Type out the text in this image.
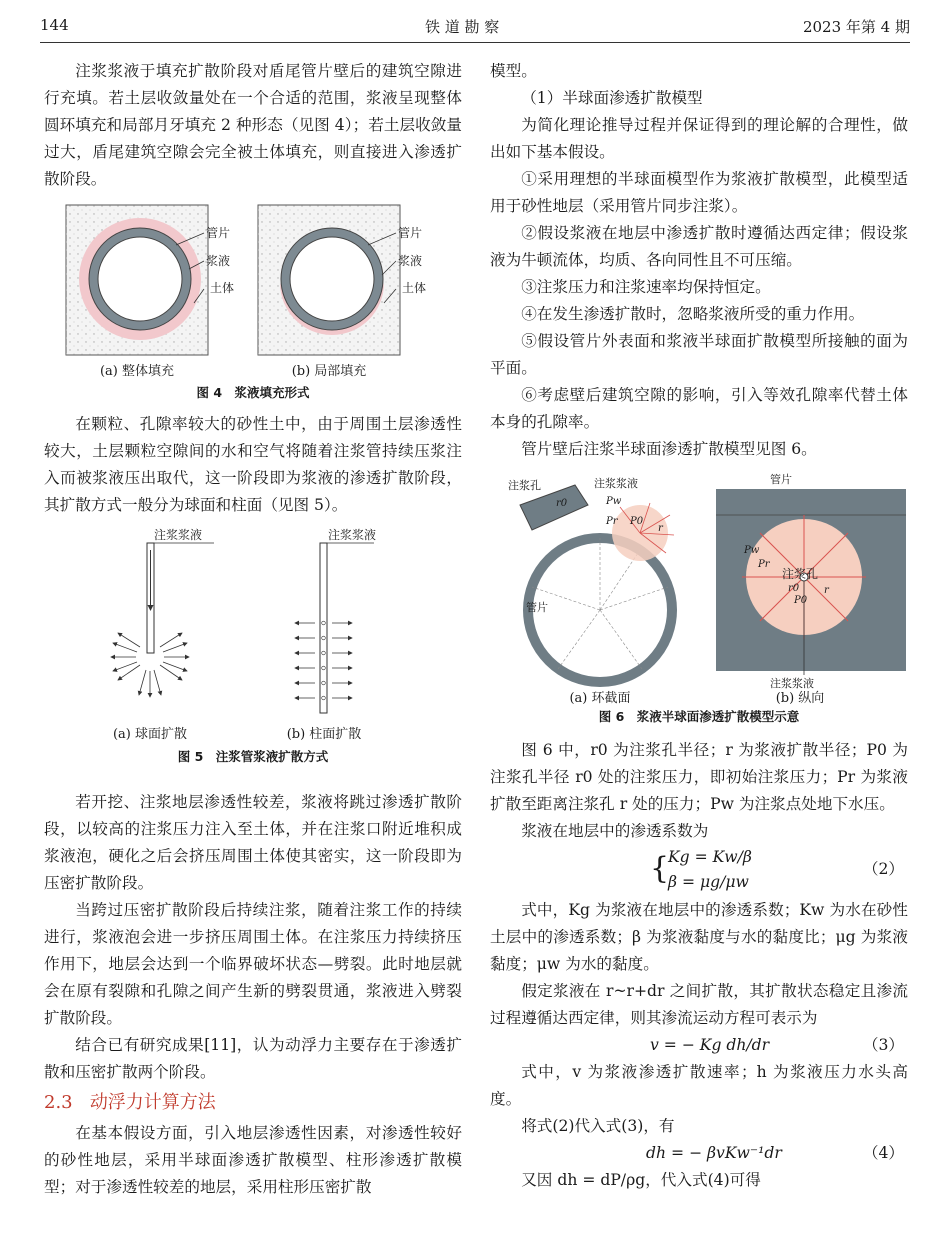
144	铁 道 勘 察	2023 年第 4 期

注浆浆液于填充扩散阶段对盾尾管片壁后的建筑空隙进行充填。若土层收敛量处在一个合适的范围，浆液呈现整体圆环填充和局部月牙填充 2 种形态（见图 4）；若土层收敛量过大，盾尾建筑空隙会完全被土体填充，则直接进入渗透扩散阶段。

管片
浆液
土体
管片
浆液
土体
(a) 整体填充	(b) 局部填充
图 4　浆液填充形式

在颗粒、孔隙率较大的砂性土中，由于周围土层渗透性较大，土层颗粒空隙间的水和空气将随着注浆管持续压浆注入而被浆液压出取代，这一阶段即为浆液的渗透扩散阶段，其扩散方式一般分为球面和柱面（见图 5）。

注浆浆液	注浆浆液
(a) 球面扩散	(b) 柱面扩散
图 5　注浆管浆液扩散方式

若开挖、注浆地层渗透性较差，浆液将跳过渗透扩散阶段，以较高的注浆压力注入至土体，并在注浆口附近堆积成浆液泡，硬化之后会挤压周围土体使其密实，这一阶段即为压密扩散阶段。

当跨过压密扩散阶段后持续注浆，随着注浆工作的持续进行，浆液泡会进一步挤压周围土体。在注浆压力持续挤压作用下，地层会达到一个临界破坏状态—劈裂。此时地层就会在原有裂隙和孔隙之间产生新的劈裂贯通，浆液进入劈裂扩散阶段。

结合已有研究成果[11]，认为动浮力主要存在于渗透扩散和压密扩散两个阶段。

2.3 动浮力计算方法

在基本假设方面，引入地层渗透性因素，对渗透性较好的砂性地层，采用半球面渗透扩散模型、柱形渗透扩散模型；对于渗透性较差的地层，采用柱形压密扩散

模型。

（1）半球面渗透扩散模型

为简化理论推导过程并保证得到的理论解的合理性，做出如下基本假设。

①采用理想的半球面模型作为浆液扩散模型，此模型适用于砂性地层（采用管片同步注浆）。

②假设浆液在地层中渗透扩散时遵循达西定律；假设浆液为牛顿流体，均质、各向同性且不可压缩。

③注浆压力和注浆速率均保持恒定。

④在发生渗透扩散时，忽略浆液所受的重力作用。

⑤假设管片外表面和浆液半球面扩散模型所接触的面为平面。

⑥考虑壁后建筑空隙的影响，引入等效孔隙率代替土体本身的孔隙率。

管片壁后注浆半球面渗透扩散模型见图 6。

注浆孔	注浆浆液
管片
r0	Pw
P0
Pr
r
管片
注浆孔
Pw
Pr
r0
P0
r
注浆浆液
(a) 环截面	(b) 纵向
图 6　浆液半球面渗透扩散模型示意

图 6 中，r0 为注浆孔半径；r 为浆液扩散半径；P0 为注浆孔半径 r0 处的注浆压力，即初始注浆压力；Pr 为浆液扩散至距离注浆孔 r 处的压力；Pw 为注浆点处地下水压。

浆液在地层中的渗透系数为

{
Kg = Kw/β
β = μg/μw
（2）

式中，Kg 为浆液在地层中的渗透系数；Kw 为水在砂性土层中的渗透系数；β 为浆液黏度与水的黏度比；μg 为浆液黏度；μw 为水的黏度。

假定浆液在 r~r+dr 之间扩散，其扩散状态稳定且渗流过程遵循达西定律，则其渗流运动方程可表示为

v = − Kg dh/dr	（3）

式中，v 为浆液渗透扩散速率；h 为浆液压力水头高度。

将式(2)代入式(3)，有

dh = − βvKw⁻¹dr	（4）

又因 dh = dP/ρg，代入式(4)可得
